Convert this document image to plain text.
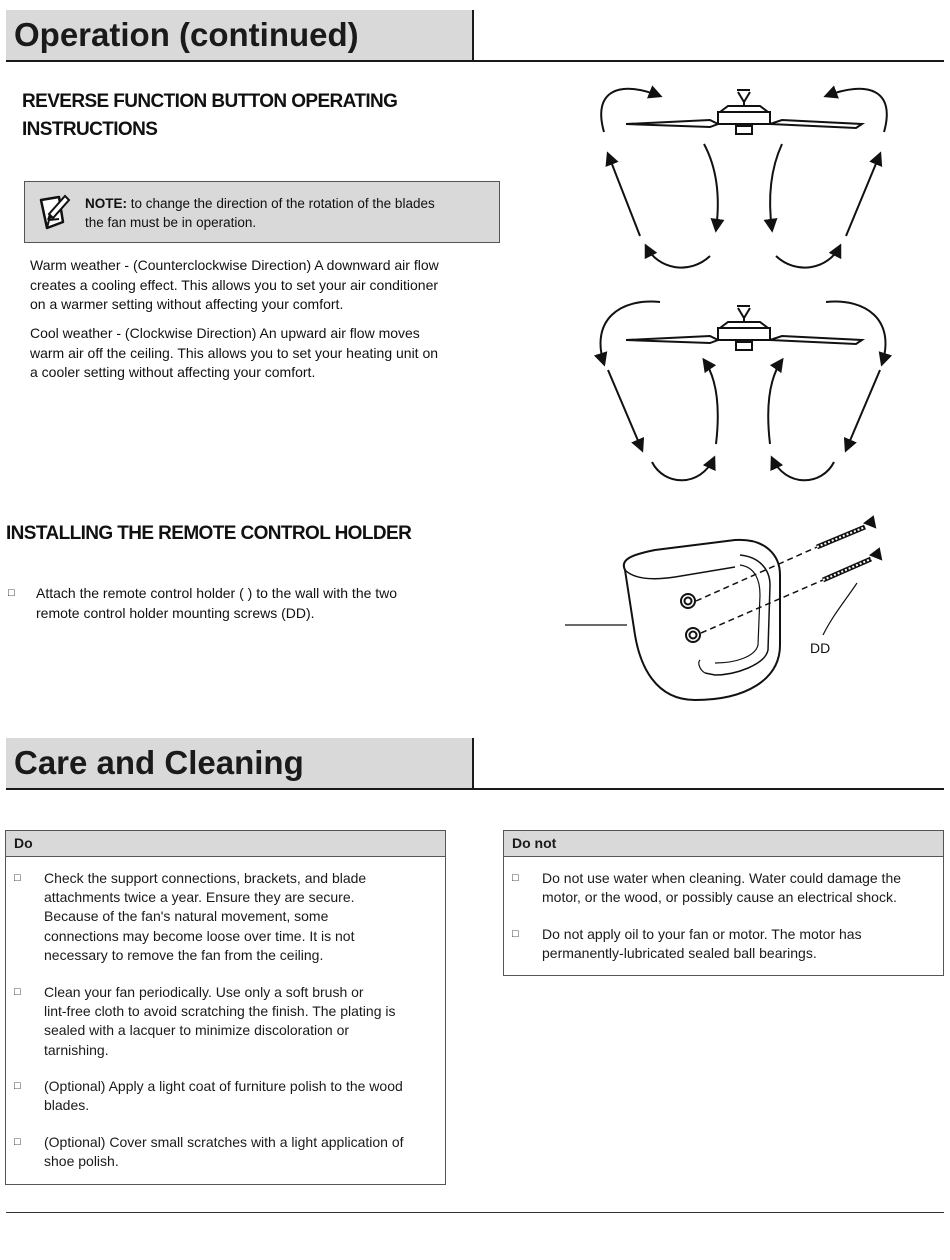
Operation (continued)
REVERSE FUNCTION BUTTON OPERATING
INSTRUCTIONS
NOTE: to change the direction of the rotation of the blades
the fan must be in operation.
Warm weather - (Counterclockwise Direction) A downward air flow
creates a cooling effect. This allows you to set your air conditioner
on a warmer setting without affecting your comfort.
Cool weather - (Clockwise Direction) An upward air flow moves
warm air off the ceiling. This allows you to set your heating unit on
a cooler setting without affecting your comfort.
INSTALLING THE REMOTE CONTROL HOLDER
□ Attach the remote control holder ( ) to the wall with the two
remote control holder mounting screws (DD).
DD
Care and Cleaning
Do
□ Check the support connections, brackets, and blade
attachments twice a year. Ensure they are secure.
Because of the fan's natural movement, some
connections may become loose over time. It is not
necessary to remove the fan from the ceiling.
□ Clean your fan periodically. Use only a soft brush or
lint-free cloth to avoid scratching the finish. The plating is
sealed with a lacquer to minimize discoloration or
tarnishing.
□ (Optional) Apply a light coat of furniture polish to the wood
blades.
□ (Optional) Cover small scratches with a light application of
shoe polish.
Do not
□ Do not use water when cleaning. Water could damage the
motor, or the wood, or possibly cause an electrical shock.
□ Do not apply oil to your fan or motor. The motor has
permanently-lubricated sealed ball bearings.
